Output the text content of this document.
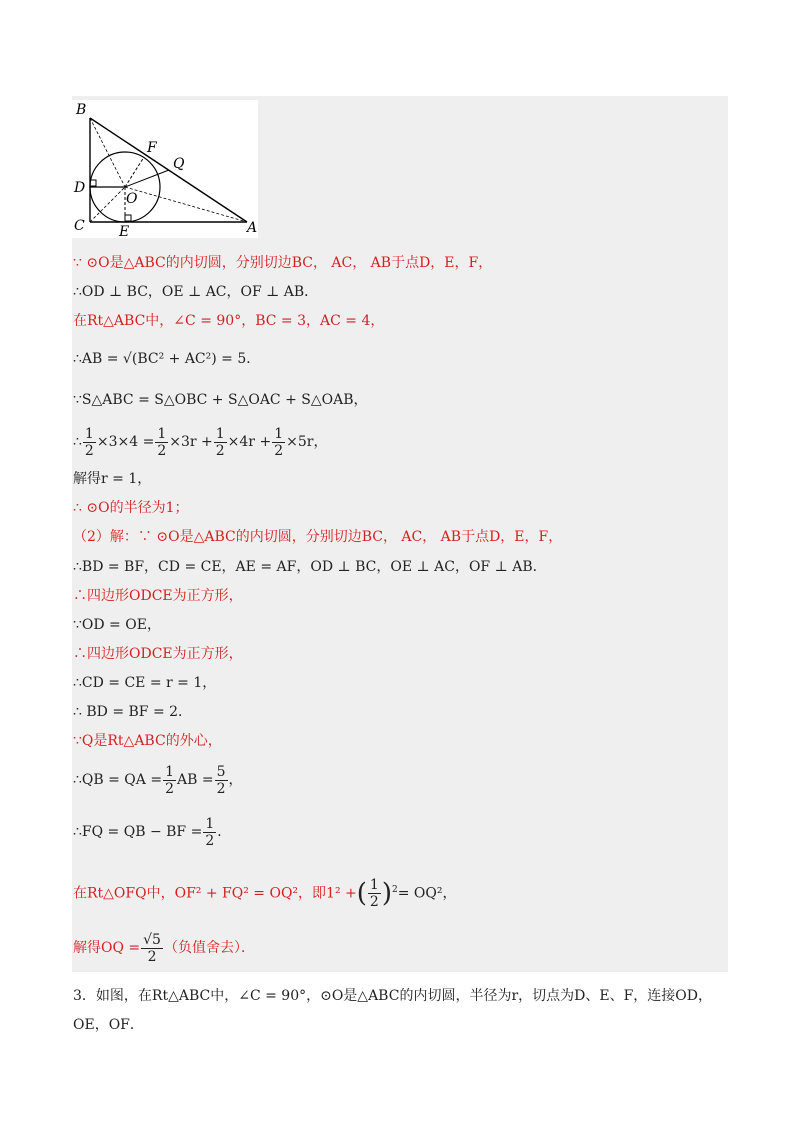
B
F
Q
D
O
C E	A
∵ ⊙O是△ABC的内切圆，分别切边BC， AC， AB于点D，E，F，
∴OD ⊥ BC，OE ⊥ AC，OF ⊥ AB．
在Rt△ABC中，∠C = 90°，BC = 3，AC = 4，
∴AB = √(BC² + AC²) = 5．
∵S△ABC = S△OBC + S△OAC + S△OAB，
∴ $\frac{1}{2} \times 3\times 4 = \frac{1}{2} \times 3r + \frac{1}{2} \times 4r + \frac{1}{2} \times 5r$，
解得r = 1，
∴ ⊙O的半径为1；
（2）解：∵ ⊙O是△ABC的内切圆，分别切边BC， AC， AB于点D，E，F，
∴BD = BF，CD = CE，AE = AF，OD ⊥ BC，OE ⊥ AC，OF ⊥ AB．
∴四边形ODCE为正方形，
∵OD = OE，
∴四边形ODCE为正方形，
∴CD = CE = r = 1，
∴ BD = BF = 2．
∵Q是Rt△ABC的外心，
∴QB = QA = $\frac{1}{2}$ AB = $\frac{5}{2}$ ，
∴FQ = QB − BF = $\frac{1}{2}$ ．
在Rt△OFQ中，OF² + FQ² = OQ²，即1² +( $\frac{1}{2} )^2= OQ^2$，
解得OQ = $\frac{√5}{2}$ （负值舍去）．
3．如图，在Rt△ABC中，∠C = 90°，⊙O是△ABC的内切圆，半径为r，切点为D、E、F，连接OD，
OE，OF．
